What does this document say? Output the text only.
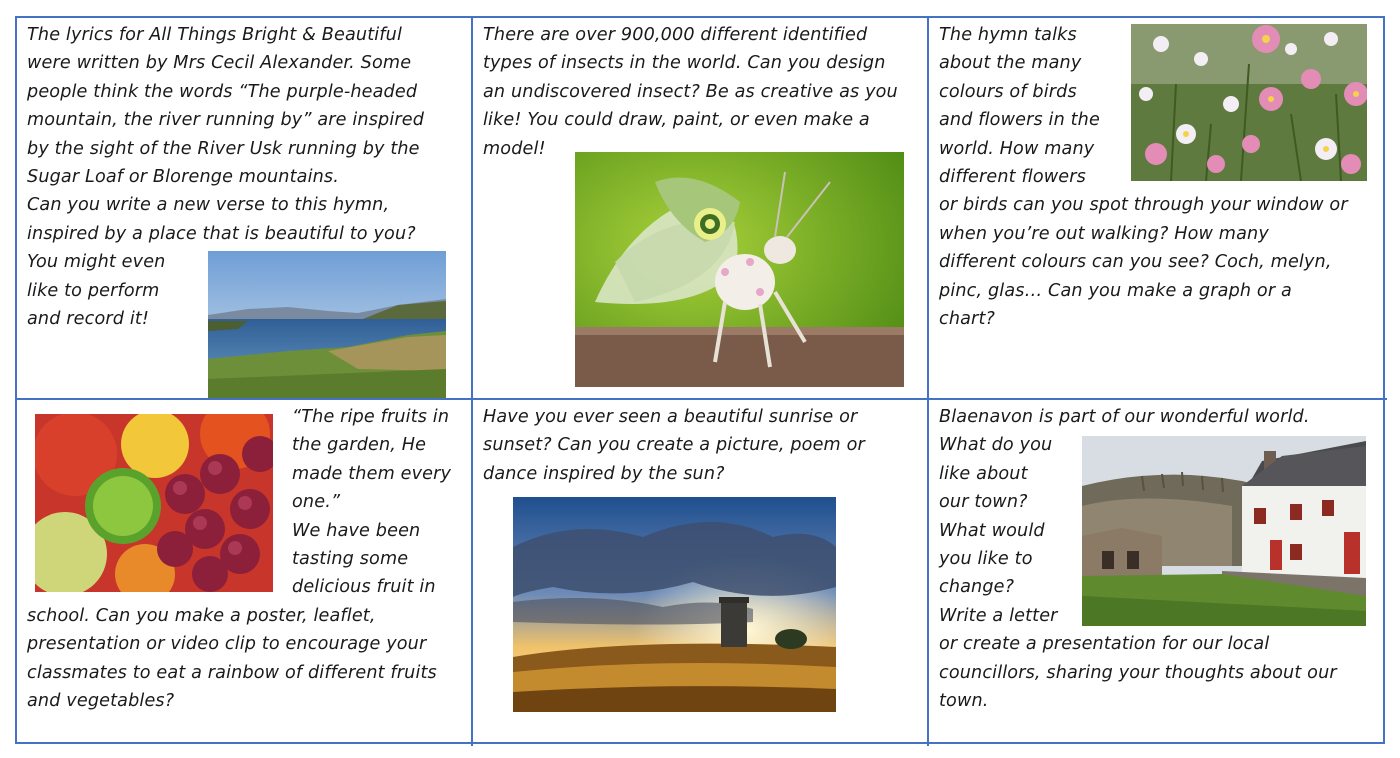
The lyrics for All Things Bright & Beautiful
were written by Mrs Cecil Alexander. Some
people think the words “The purple-headed
mountain, the river running by” are inspired
by the sight of the River Usk running by the
Sugar Loaf or Blorenge mountains.
Can you write a new verse to this hymn,
inspired by a place that is beautiful to you?
You might even
like to perform
and record it!
There are over 900,000 different identified
types of insects in the world. Can you design
an undiscovered insect? Be as creative as you
like! You could draw, paint, or even make a
model!
The hymn talks
about the many
colours of birds
and flowers in the
world. How many
different flowers
or birds can you spot through your window or
when you’re out walking? How many
different colours can you see? Coch, melyn,
pinc, glas… Can you make a graph or a
chart?
“The ripe fruits in
the garden, He
made them every
one.”
We have been
tasting some
delicious fruit in
school. Can you make a poster, leaflet,
presentation or video clip to encourage your
classmates to eat a rainbow of different fruits
and vegetables?
Have you ever seen a beautiful sunrise or
sunset? Can you create a picture, poem or
dance inspired by the sun?
Blaenavon is part of our wonderful world.
What do you
like about
our town?
What would
you like to
change?
Write a letter
or create a presentation for our local
councillors, sharing your thoughts about our
town.
